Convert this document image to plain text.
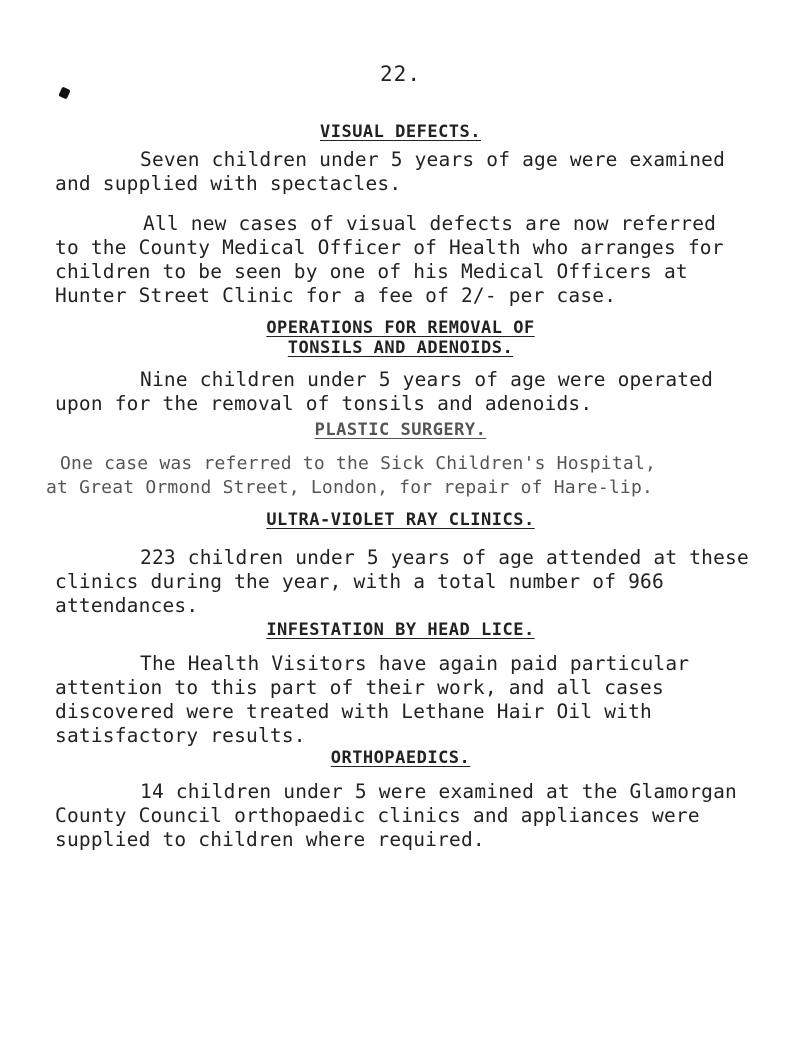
22.
VISUAL DEFECTS.
Seven children under 5 years of age were examined
and supplied with spectacles.
All new cases of visual defects are now referred
to the County Medical Officer of Health who arranges for
children to be seen by one of his Medical Officers at
Hunter Street Clinic for a fee of 2/- per case.
OPERATIONS FOR REMOVAL OF
TONSILS AND ADENOIDS.
Nine children under 5 years of age were operated
upon for the removal of tonsils and adenoids.
PLASTIC SURGERY.
One case was referred to the Sick Children's Hospital,
at Great Ormond Street, London, for repair of Hare-lip.
ULTRA-VIOLET RAY CLINICS.
223 children under 5 years of age attended at these
clinics during the year, with a total number of 966
attendances.
INFESTATION BY HEAD LICE.
The Health Visitors have again paid particular
attention to this part of their work, and all cases
discovered were treated with Lethane Hair Oil with
satisfactory results.
ORTHOPAEDICS.
14 children under 5 were examined at the Glamorgan
County Council orthopaedic clinics and appliances were
supplied to children where required.
